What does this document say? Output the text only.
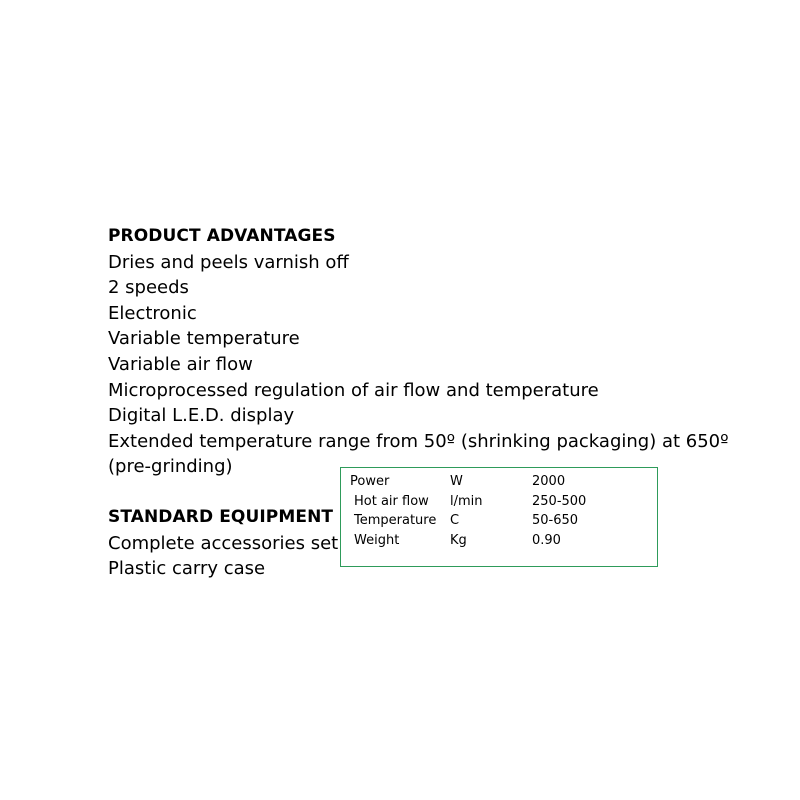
PRODUCT ADVANTAGES

Dries and peels varnish off

2 speeds

Electronic

Variable temperature

Variable air flow

Microprocessed regulation of air flow and temperature

Digital L.E.D. display

Extended temperature range from 50º (shrinking packaging) at 650º (pre-grinding)

STANDARD EQUIPMENT

Complete accessories set

Plastic carry case

Power	W	2000
Hot air flow	l/min	250-500
Temperature	C	50-650
Weight	Kg	0.90
